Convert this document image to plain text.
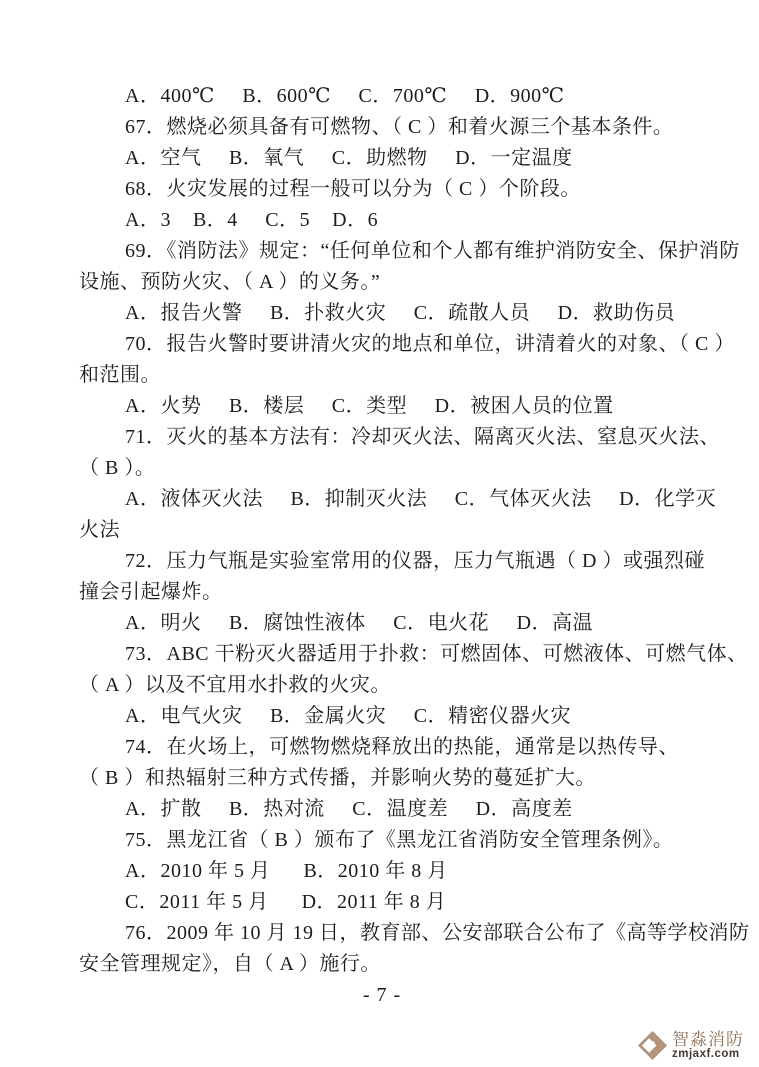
A．400℃     B．600℃     C．700℃     D．900℃
67．燃烧必须具备有可燃物、（ C ）和着火源三个基本条件。
A．空气     B．氧气     C．助燃物     D．一定温度
68．火灾发展的过程一般可以分为（ C ）个阶段。
A．3    B．4     C．5    D．6
69．《消防法》规定：“任何单位和个人都有维护消防安全、保护消防
设施、预防火灾、（ A ）的义务。”
A．报告火警     B．扑救火灾     C．疏散人员     D．救助伤员
70．报告火警时要讲清火灾的地点和单位，讲清着火的对象、（ C ）
和范围。
A．火势     B．楼层     C．类型     D．被困人员的位置
71．灭火的基本方法有：冷却灭火法、隔离灭火法、窒息灭火法、
（ B ）。
A．液体灭火法     B．抑制灭火法     C．气体灭火法     D．化学灭
火法
72．压力气瓶是实验室常用的仪器，压力气瓶遇（ D ）或强烈碰
撞会引起爆炸。
A．明火     B．腐蚀性液体     C．电火花     D．高温
73．ABC 干粉灭火器适用于扑救：可燃固体、可燃液体、可燃气体、
（ A ）以及不宜用水扑救的火灾。
A．电气火灾     B．金属火灾     C．精密仪器火灾
74．在火场上，可燃物燃烧释放出的热能，通常是以热传导、
（ B ）和热辐射三种方式传播，并影响火势的蔓延扩大。
A．扩散     B．热对流     C．温度差     D．高度差
75．黑龙江省（ B ）颁布了《黑龙江省消防安全管理条例》。
A．2010 年 5 月      B．2010 年 8 月
C．2011 年 5 月      D．2011 年 8 月
76．2009 年 10 月 19 日，教育部、公安部联合公布了《高等学校消防
安全管理规定》，自（ A ）施行。
- 7 -
智淼消防
zmjaxf.com
